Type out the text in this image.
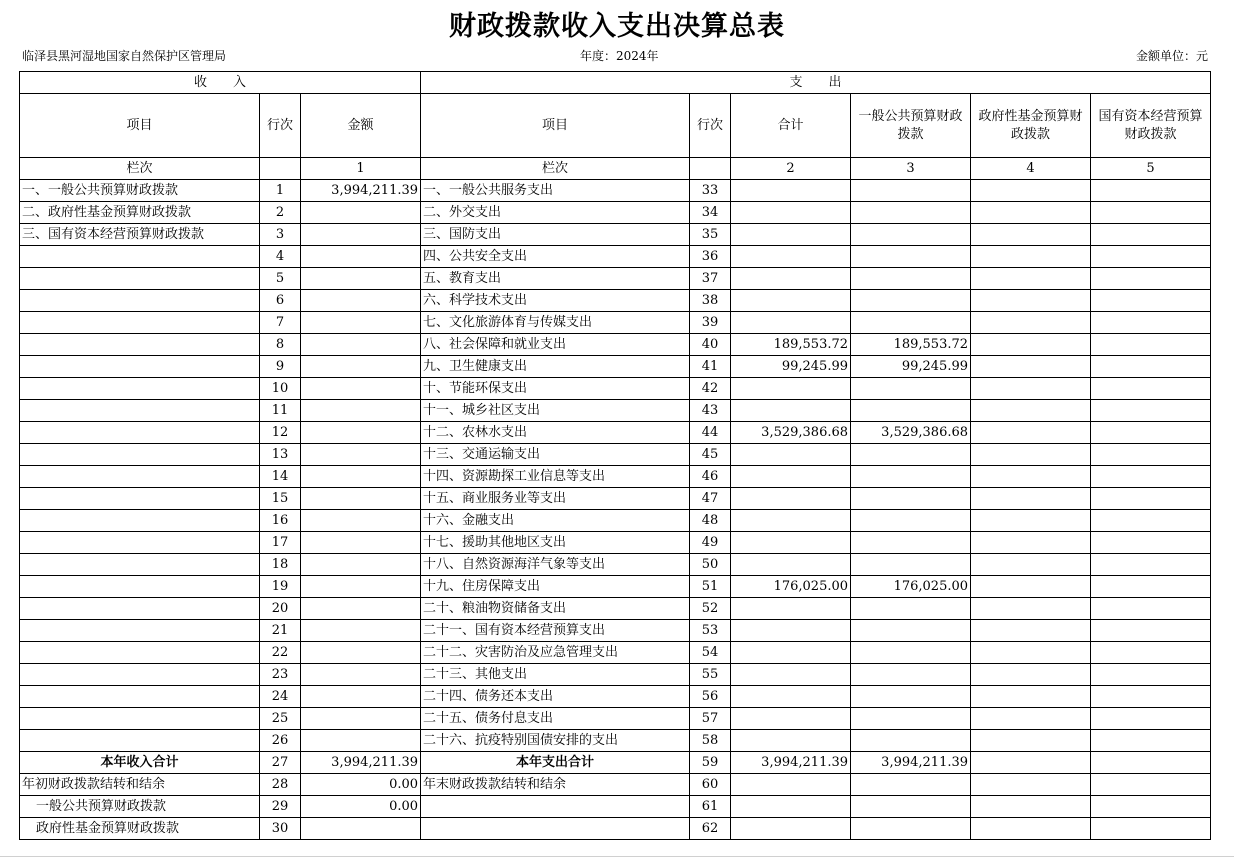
财政拨款收入支出决算总表
临泽县黑河湿地国家自然保护区管理局	年度：2024年	金额单位：元
收　　入			支　　出					
项目	行次	金额	项目	行次	合计	一般公共预算财政拨款	政府性基金预算财政拨款	国有资本经营预算财政拨款
栏次		1	栏次		2	3	4	5
一、一般公共预算财政拨款	1	3,994,211.39	一、一般公共服务支出	33				
二、政府性基金预算财政拨款	2		二、外交支出	34				
三、国有资本经营预算财政拨款	3		三、国防支出	35				
	4		四、公共安全支出	36				
	5		五、教育支出	37				
	6		六、科学技术支出	38				
	7		七、文化旅游体育与传媒支出	39				
	8		八、社会保障和就业支出	40	189,553.72	189,553.72		
	9		九、卫生健康支出	41	99,245.99	99,245.99		
	10		十、节能环保支出	42				
	11		十一、城乡社区支出	43				
	12		十二、农林水支出	44	3,529,386.68	3,529,386.68		
	13		十三、交通运输支出	45				
	14		十四、资源勘探工业信息等支出	46				
	15		十五、商业服务业等支出	47				
	16		十六、金融支出	48				
	17		十七、援助其他地区支出	49				
	18		十八、自然资源海洋气象等支出	50				
	19		十九、住房保障支出	51	176,025.00	176,025.00		
	20		二十、粮油物资储备支出	52				
	21		二十一、国有资本经营预算支出	53				
	22		二十二、灾害防治及应急管理支出	54				
	23		二十三、其他支出	55				
	24		二十四、债务还本支出	56				
	25		二十五、债务付息支出	57				
	26		二十六、抗疫特别国债安排的支出	58				
本年收入合计	27	3,994,211.39	本年支出合计	59	3,994,211.39	3,994,211.39		
年初财政拨款结转和结余	28	0.00	年末财政拨款结转和结余	60				
一般公共预算财政拨款	29	0.00		61				
政府性基金预算财政拨款	30			62				
